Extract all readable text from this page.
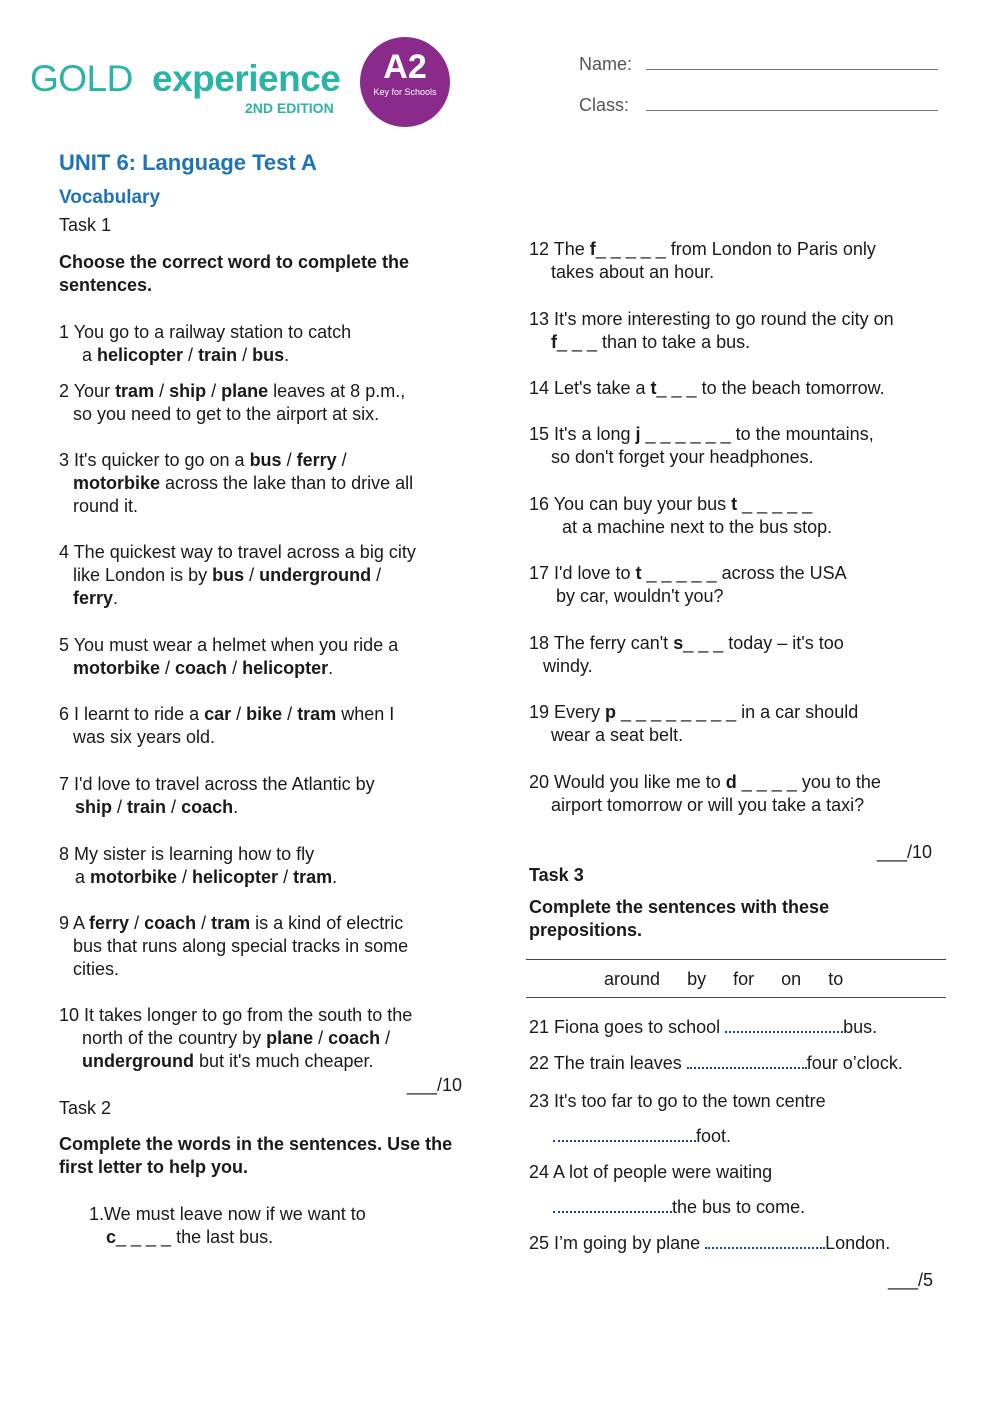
GOLD experience
2ND EDITION
A2
Key for Schools
Name:
Class:
UNIT 6: Language Test A
Vocabulary
Task 1
Choose the correct word to complete the sentences.
1 You go to a railway station to catch
a helicopter / train / bus.
2 Your tram / ship / plane leaves at 8 p.m.,
so you need to get to the airport at six.
3 It's quicker to go on a bus / ferry /
motorbike across the lake than to drive all
round it.
4 The quickest way to travel across a big city
like London is by bus / underground /
ferry.
5 You must wear a helmet when you ride a
motorbike / coach / helicopter.
6 I learnt to ride a car / bike / tram when I
was six years old.
7 I'd love to travel across the Atlantic by
ship / train / coach.
8 My sister is learning how to fly
a motorbike / helicopter / tram.
9 A ferry / coach / tram is a kind of electric
bus that runs along special tracks in some
cities.
10 It takes longer to go from the south to the
north of the country by plane / coach /
underground but it's much cheaper.
___/10
Task 2
Complete the words in the sentences. Use the first letter to help you.
1.We must leave now if we want to
c_ _ _ _ the last bus.
12 The f_ _ _ _ _ from London to Paris only
takes about an hour.
13 It's more interesting to go round the city on
f_ _ _ than to take a bus.
14 Let's take a t_ _ _ to the beach tomorrow.
15 It's a long j _ _ _ _ _ _ to the mountains,
so don't forget your headphones.
16 You can buy your bus t _ _ _ _ _
at a machine next to the bus stop.
17 I'd love to t _ _ _ _ _ across the USA
by car, wouldn't you?
18 The ferry can't s_ _ _ today – it's too
windy.
19 Every p _ _ _ _ _ _ _ _ in a car should
wear a seat belt.
20 Would you like me to d _ _ _ _ you to the
airport tomorrow or will you take a taxi?
___/10
Task 3
Complete the sentences with these prepositions.
around by for on to
21 Fiona goes to school	bus.
22 The train leaves	four o’clock.
23 It's too far to go to the town centre
foot.
24 A lot of people were waiting
the bus to come.
25 I’m going by plane	London.
___/5
